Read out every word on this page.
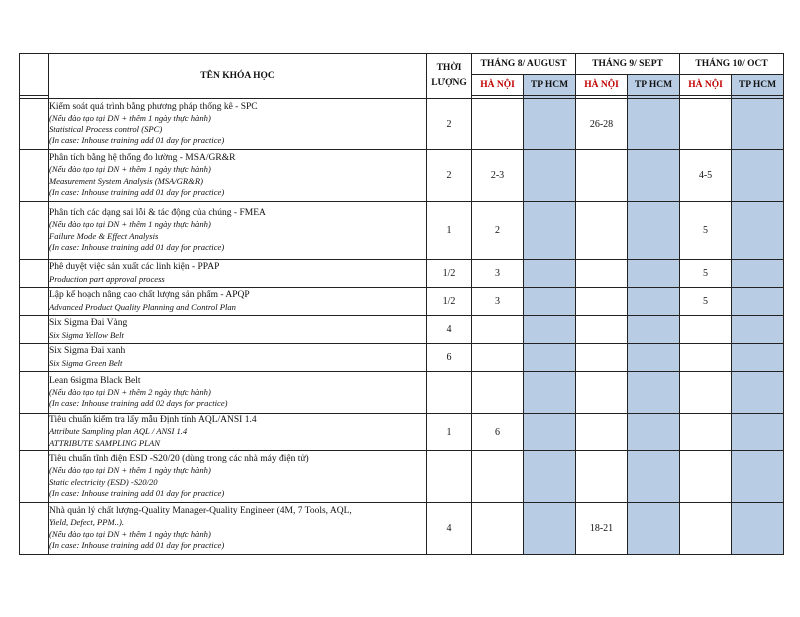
	TÊN KHÓA HỌC	THỜI LƯỢNG	THÁNG 8/ AUGUST		THÁNG 9/ SEPT		THÁNG 10/ OCT	
			HÀ NỘI	TP HCM	HÀ NỘI	TP HCM	HÀ NỘI	TP HCM

	Kiểm soát quá trình bằng phương pháp thống kê - SPC
(Nếu đào tạo tại DN + thêm 1 ngày thực hành)
Statistical Process control (SPC)
(In case: Inhouse training add 01 day for practice)	2			26-28			

	Phân tích bằng hệ thống đo lường - MSA/GR&R
(Nếu đào tạo tại DN + thêm 1 ngày thực hành)
Measurement System Analysis (MSA/GR&R)
(In case: Inhouse training add 01 day for practice)	2	2-3				4-5	

	Phân tích các dạng sai lỗi & tác động của chúng - FMEA
(Nếu đào tạo tại DN + thêm 1 ngày thực hành)
Failure Mode & Effect Analysis
(In case: Inhouse training add 01 day for practice)	1	2				5	

	Phê duyệt việc sản xuất các linh kiện - PPAP
Production part approval process	1/2	3				5	

	Lập kế hoạch nâng cao chất lượng sản phẩm - APQP
Advanced Product Quality Planning and Control Plan	1/2	3				5	

	Six Sigma Đai Vàng
Six Sigma Yellow Belt	4						

	Six Sigma Đai xanh
Six Sigma Green Belt	6						

	Lean 6sigma Black Belt
(Nếu đào tạo tại DN + thêm 2 ngày thực hành)
(In case: Inhouse training add 02 days for practice)							

	Tiêu chuẩn kiểm tra lấy mẫu Định tính AQL/ANSI 1.4
Attribute Sampling plan AQL / ANSI 1.4
ATTRIBUTE SAMPLING PLAN	1	6					

	Tiêu chuẩn tĩnh điện ESD -S20/20 (dùng trong các nhà máy điện tử)
(Nếu đào tạo tại DN + thêm 1 ngày thực hành)
Static electricity (ESD) -S20/20
(In case: Inhouse training add 01 day for practice)							

	Nhà quản lý chất lượng-Quality Manager-Quality Engineer (4M, 7 Tools, AQL,
Yield, Defect, PPM..).
(Nếu đào tạo tại DN + thêm 1 ngày thực hành)
(In case: Inhouse training add 01 day for practice)	4			18-21			
